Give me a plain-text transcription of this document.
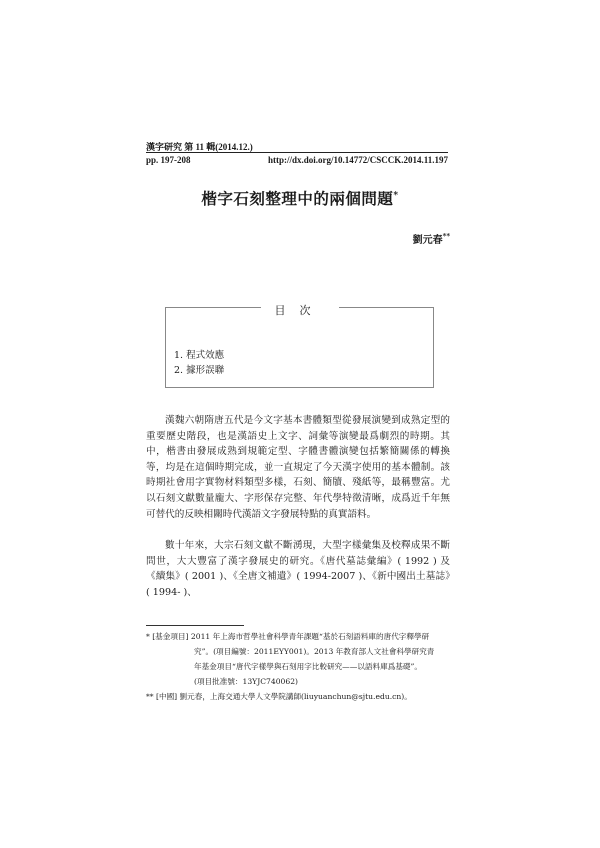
漢字研究 第 11 輯(2014.12.)
pp. 197-208	http://dx.doi.org/10.14772/CSCCK.2014.11.197
楷字石刻整理中的兩個問題*
劉元春**
目次
1. 程式效應
2. 據形誤聯

漢魏六朝隋唐五代是今文字基本書體類型從發展演變到成熟定型的重要歷史階段，也是漢語史上文字、詞彙等演變最爲劇烈的時期。其中，楷書由發展成熟到規範定型、字體書體演變包括繁簡關係的轉換等，均是在這個時期完成，並一直規定了今天漢字使用的基本體制。該時期社會用字實物材料類型多樣，石刻、簡牘、殘紙等，最稱豐富。尤以石刻文獻數量龐大、字形保存完整、年代學特徵清晰，成爲近千年無可替代的反映相關時代漢語文字發展特點的真實語料。

數十年來，大宗石刻文獻不斷湧現，大型字樣彙集及校釋成果不斷問世，大大豐富了漢字發展史的研究。《唐代墓誌彙編》( 1992 ) 及《續集》( 2001 )、《全唐文補遺》( 1994-2007 )、《新中國出土墓誌》( 1994- )、

* [基金項目] 2011 年上海市哲學社會科學青年課題“基於石刻語料庫的唐代字釋學研

究”。(項目編號：2011EYY001)。2013 年教育部人文社會科學研究青

年基金項目“唐代字樣學與石刻用字比較研究——以語料庫爲基礎”。

(項目批准號：13YJC740062)

** [中國] 劉元春，上海交通大學人文學院講師(liuyuanchun@sjtu.edu.cn)。
